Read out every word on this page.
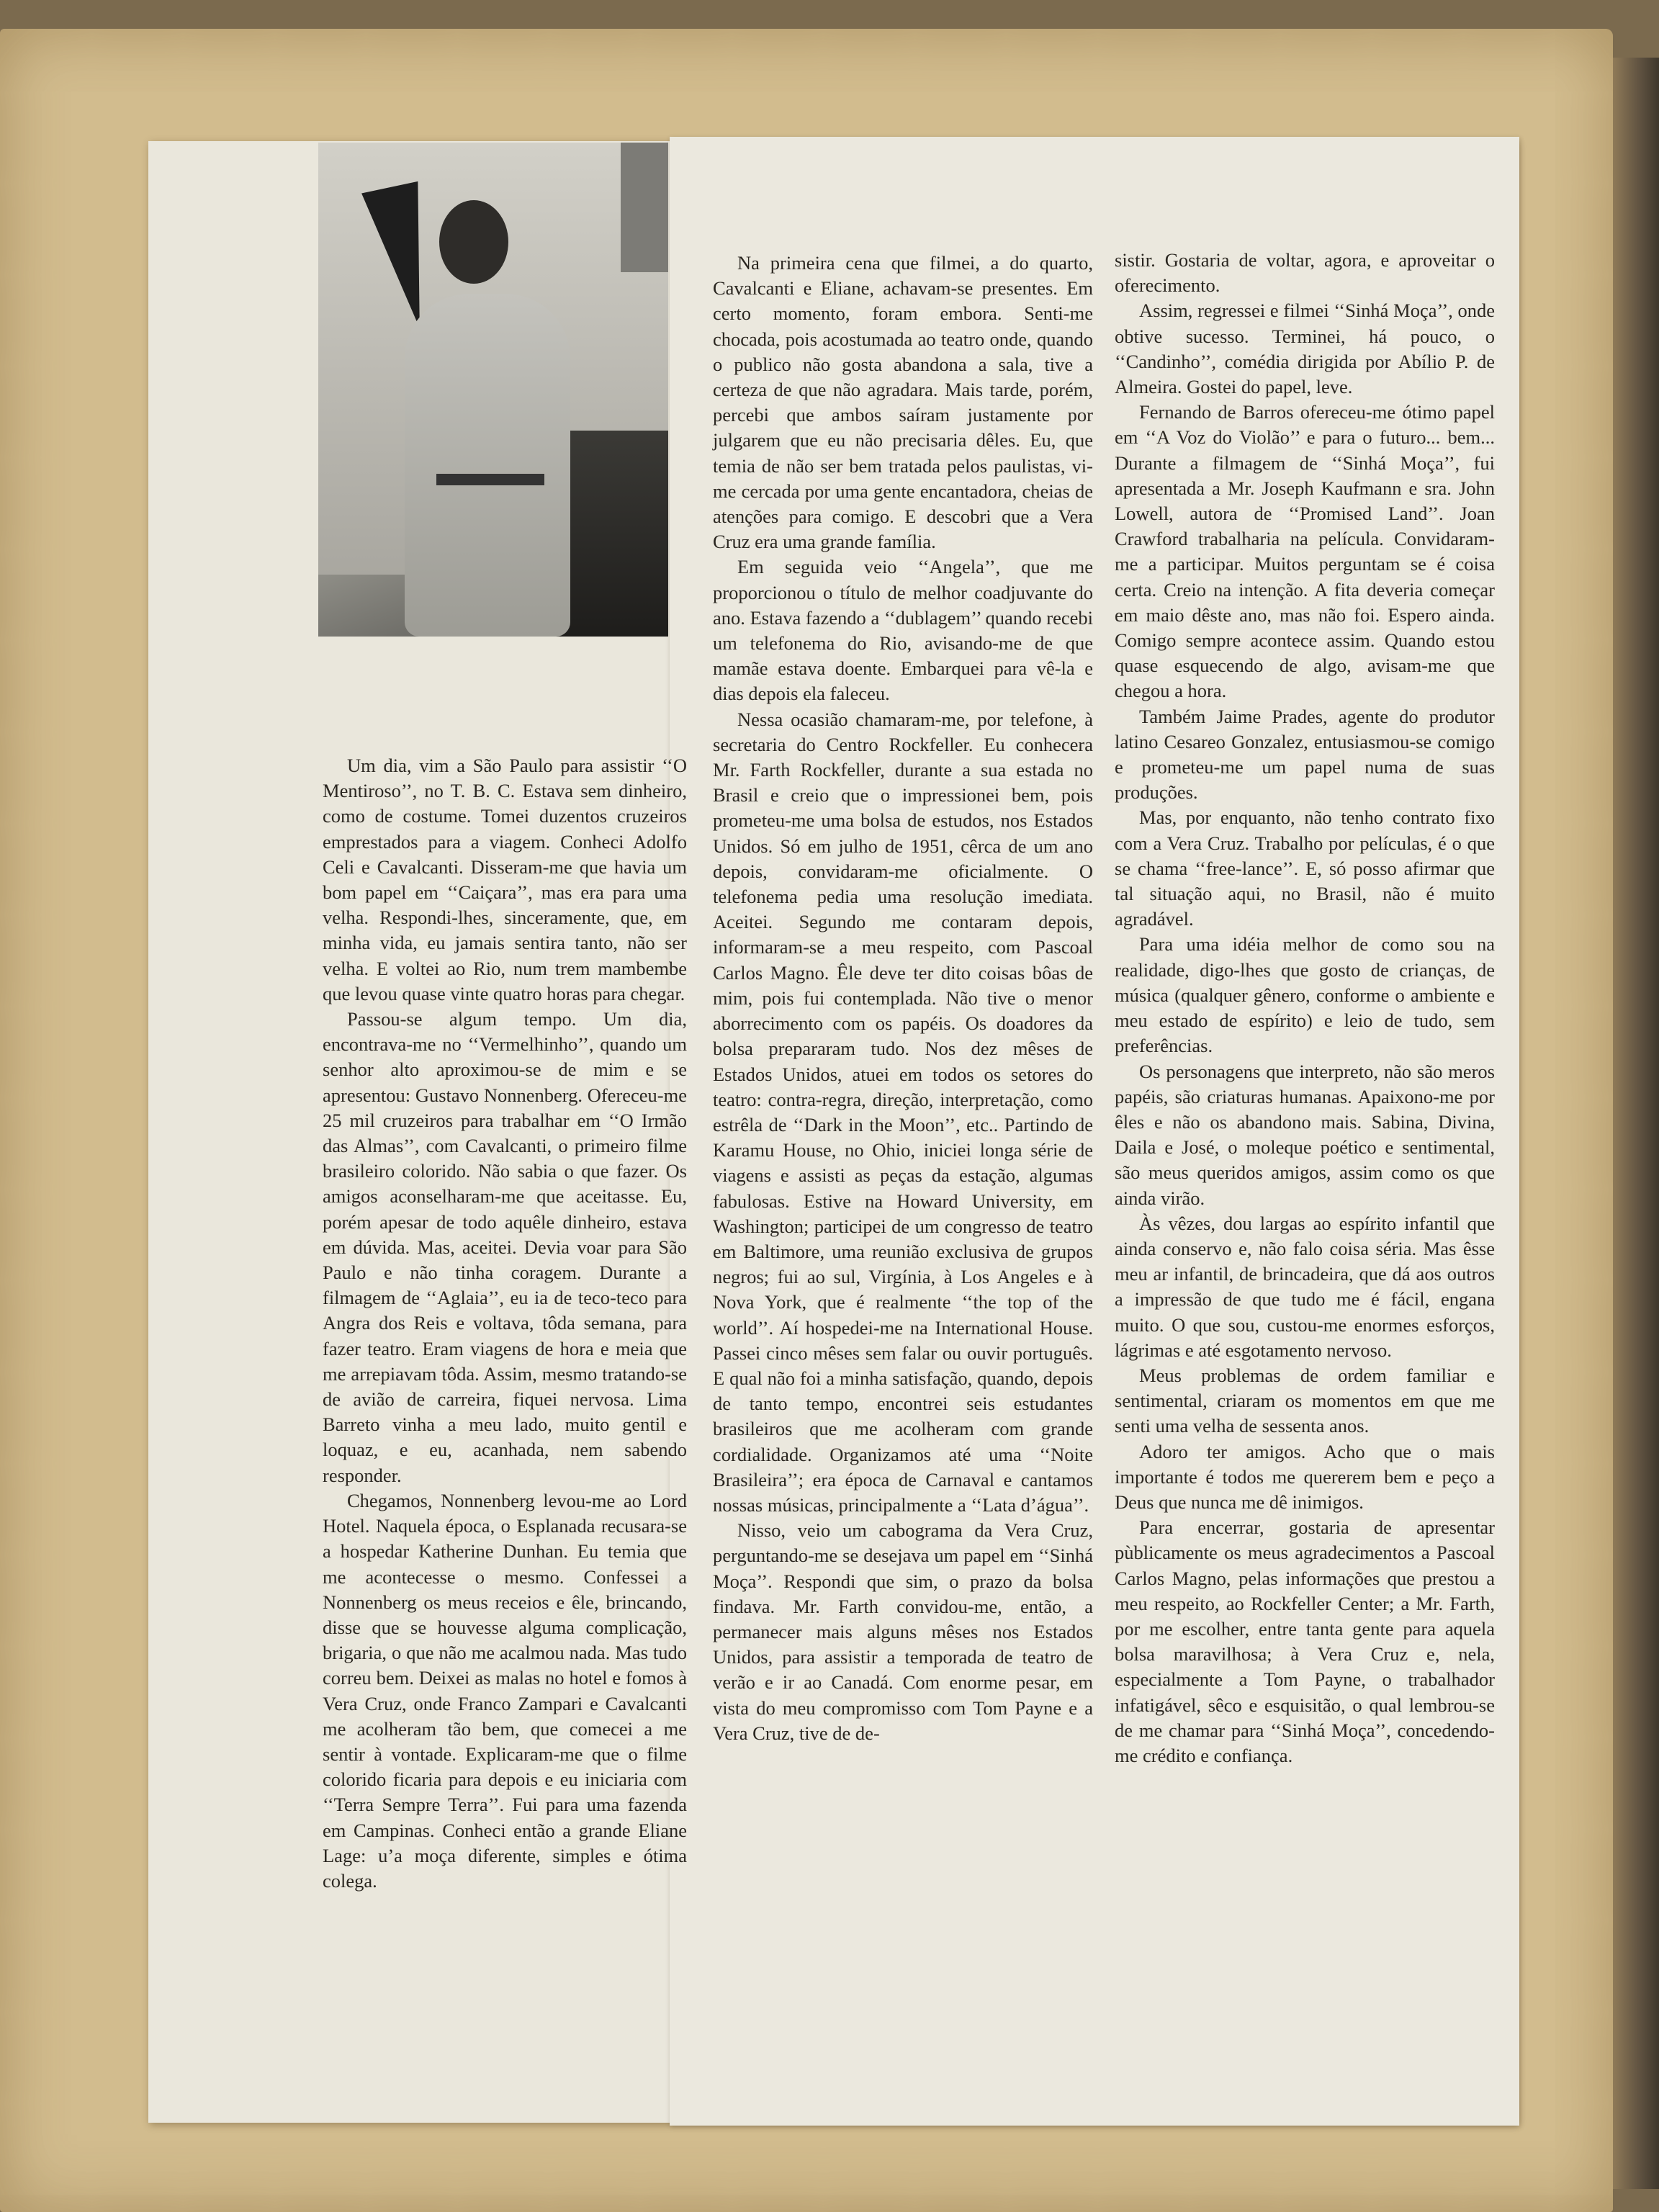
Um dia, vim a São Paulo para assistir ‘‘O Mentiroso’’, no T. B. C. Estava sem dinheiro, como de costume. Tomei duzentos cruzeiros emprestados para a viagem. Conheci Adolfo Celi e Cavalcanti. Disseram-me que havia um bom papel em ‘‘Caiçara’’, mas era para uma velha. Respondi-lhes, sinceramente, que, em minha vida, eu jamais sentira tanto, não ser velha. E voltei ao Rio, num trem mambembe que levou quase vinte quatro horas para chegar.

Passou-se algum tempo. Um dia, encontrava-me no ‘‘Vermelhinho’’, quando um senhor alto aproximou-se de mim e se apresentou: Gustavo Nonnenberg. Ofereceu-me 25 mil cruzeiros para trabalhar em ‘‘O Irmão das Almas’’, com Cavalcanti, o primeiro filme brasileiro colorido. Não sabia o que fazer. Os amigos aconselharam-me que aceitasse. Eu, porém apesar de todo aquêle dinheiro, estava em dúvida. Mas, aceitei. Devia voar para São Paulo e não tinha coragem. Durante a filmagem de ‘‘Aglaia’’, eu ia de teco-teco para Angra dos Reis e voltava, tôda semana, para fazer teatro. Eram viagens de hora e meia que me arrepiavam tôda. Assim, mesmo tratando-se de avião de carreira, fiquei nervosa. Lima Barreto vinha a meu lado, muito gentil e loquaz, e eu, acanhada, nem sabendo responder.

Chegamos, Nonnenberg levou-me ao Lord Hotel. Naquela época, o Esplanada recusara-se a hospedar Katherine Dunhan. Eu temia que me acontecesse o mesmo. Confessei a Nonnenberg os meus receios e êle, brincando, disse que se houvesse alguma complicação, brigaria, o que não me acalmou nada. Mas tudo correu bem. Deixei as malas no hotel e fomos à Vera Cruz, onde Franco Zampari e Cavalcanti me acolheram tão bem, que comecei a me sentir à vontade. Explicaram-me que o filme colorido ficaria para depois e eu iniciaria com ‘‘Terra Sempre Terra’’. Fui para uma fazenda em Campinas. Conheci então a grande Eliane Lage: u’a moça diferente, simples e ótima colega.

Na primeira cena que filmei, a do quarto, Cavalcanti e Eliane, achavam-se presentes. Em certo momento, foram embora. Senti-me chocada, pois acostumada ao teatro onde, quando o publico não gosta abandona a sala, tive a certeza de que não agradara. Mais tarde, porém, percebi que ambos saíram justamente por julgarem que eu não precisaria dêles. Eu, que temia de não ser bem tratada pelos paulistas, vi-me cercada por uma gente encantadora, cheias de atenções para comigo. E descobri que a Vera Cruz era uma grande família.

Em seguida veio ‘‘Angela’’, que me proporcionou o título de melhor coadjuvante do ano. Estava fazendo a ‘‘dublagem’’ quando recebi um telefonema do Rio, avisando-me de que mamãe estava doente. Embarquei para vê-la e dias depois ela faleceu.

Nessa ocasião chamaram-me, por telefone, à secretaria do Centro Rockfeller. Eu conhecera Mr. Farth Rockfeller, durante a sua estada no Brasil e creio que o impressionei bem, pois prometeu-me uma bolsa de estudos, nos Estados Unidos. Só em julho de 1951, cêrca de um ano depois, convidaram-me oficialmente. O telefonema pedia uma resolução imediata. Aceitei. Segundo me contaram depois, informaram-se a meu respeito, com Pascoal Carlos Magno. Êle deve ter dito coisas bôas de mim, pois fui contemplada. Não tive o menor aborrecimento com os papéis. Os doadores da bolsa prepararam tudo. Nos dez mêses de Estados Unidos, atuei em todos os setores do teatro: contra-regra, direção, interpretação, como estrêla de ‘‘Dark in the Moon’’, etc.. Partindo de Karamu House, no Ohio, iniciei longa série de viagens e assisti as peças da estação, algumas fabulosas. Estive na Howard University, em Washington; participei de um congresso de teatro em Baltimore, uma reunião exclusiva de grupos negros; fui ao sul, Virgínia, à Los Angeles e à Nova York, que é realmente ‘‘the top of the world’’. Aí hospedei-me na International House. Passei cinco mêses sem falar ou ouvir português. E qual não foi a minha satisfação, quando, depois de tanto tempo, encontrei seis estudantes brasileiros que me acolheram com grande cordialidade. Organizamos até uma ‘‘Noite Brasileira’’; era época de Carnaval e cantamos nossas músicas, principalmente a ‘‘Lata d’água’’.

Nisso, veio um cabograma da Vera Cruz, perguntando-me se desejava um papel em ‘‘Sinhá Moça’’. Respondi que sim, o prazo da bolsa findava. Mr. Farth convidou-me, então, a permanecer mais alguns mêses nos Estados Unidos, para assistir a temporada de teatro de verão e ir ao Canadá. Com enorme pesar, em vista do meu compromisso com Tom Payne e a Vera Cruz, tive de de-

sistir. Gostaria de voltar, agora, e aproveitar o oferecimento.

Assim, regressei e filmei ‘‘Sinhá Moça’’, onde obtive sucesso. Terminei, há pouco, o ‘‘Candinho’’, comédia dirigida por Abílio P. de Almeira. Gostei do papel, leve.

Fernando de Barros ofereceu-me ótimo papel em ‘‘A Voz do Violão’’ e para o futuro... bem... Durante a filmagem de ‘‘Sinhá Moça’’, fui apresentada a Mr. Joseph Kaufmann e sra. John Lowell, autora de ‘‘Promised Land’’. Joan Crawford trabalharia na película. Convidaram-me a participar. Muitos perguntam se é coisa certa. Creio na intenção. A fita deveria começar em maio dêste ano, mas não foi. Espero ainda. Comigo sempre acontece assim. Quando estou quase esquecendo de algo, avisam-me que chegou a hora.

Também Jaime Prades, agente do produtor latino Cesareo Gonzalez, entusiasmou-se comigo e prometeu-me um papel numa de suas produções.

Mas, por enquanto, não tenho contrato fixo com a Vera Cruz. Trabalho por películas, é o que se chama ‘‘free-lance’’. E, só posso afirmar que tal situação aqui, no Brasil, não é muito agradável.

Para uma idéia melhor de como sou na realidade, digo-lhes que gosto de crianças, de música (qualquer gênero, conforme o ambiente e meu estado de espírito) e leio de tudo, sem preferências.

Os personagens que interpreto, não são meros papéis, são criaturas humanas. Apaixono-me por êles e não os abandono mais. Sabina, Divina, Daila e José, o moleque poético e sentimental, são meus queridos amigos, assim como os que ainda virão.

Às vêzes, dou largas ao espírito infantil que ainda conservo e, não falo coisa séria. Mas êsse meu ar infantil, de brincadeira, que dá aos outros a impressão de que tudo me é fácil, engana muito. O que sou, custou-me enormes esforços, lágrimas e até esgotamento nervoso.

Meus problemas de ordem familiar e sentimental, criaram os momentos em que me senti uma velha de sessenta anos.

Adoro ter amigos. Acho que o mais importante é todos me quererem bem e peço a Deus que nunca me dê inimigos.

Para encerrar, gostaria de apresentar pùblicamente os meus agradecimentos a Pascoal Carlos Magno, pelas informações que prestou a meu respeito, ao Rockfeller Center; a Mr. Farth, por me escolher, entre tanta gente para aquela bolsa maravilhosa; à Vera Cruz e, nela, especialmente a Tom Payne, o trabalhador infatigável, sêco e esquisitão, o qual lembrou-se de me chamar para ‘‘Sinhá Moça’’, concedendo-me crédito e confiança.
